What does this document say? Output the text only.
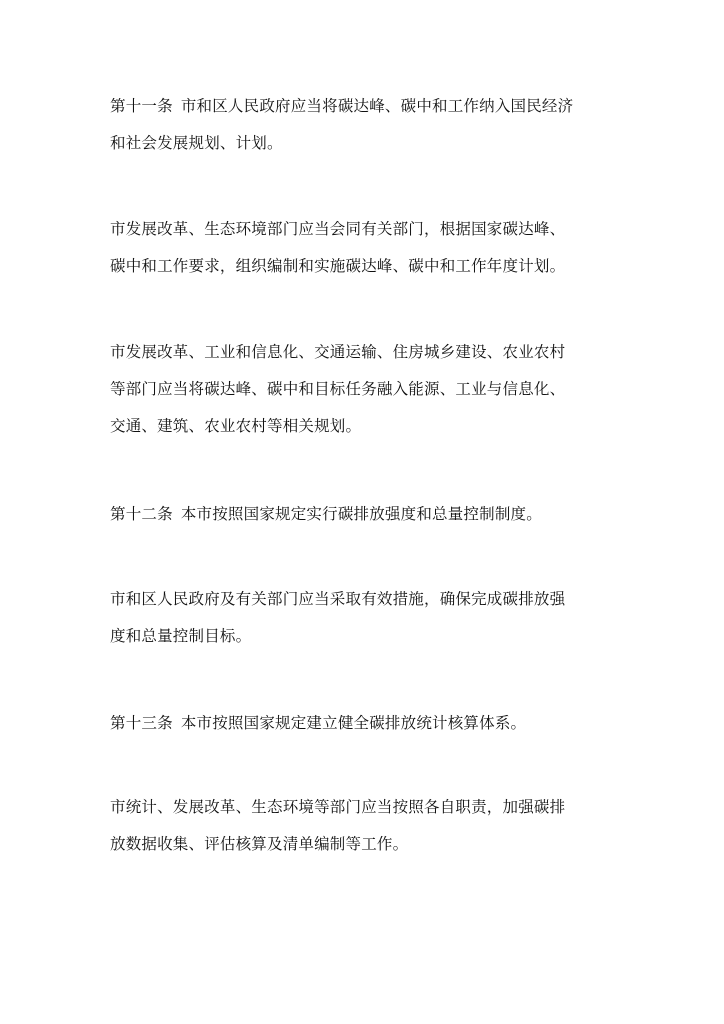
第十一条 市和区人民政府应当将碳达峰、碳中和工作纳入国民经济
和社会发展规划、计划。

市发展改革、生态环境部门应当会同有关部门，根据国家碳达峰、
碳中和工作要求，组织编制和实施碳达峰、碳中和工作年度计划。

市发展改革、工业和信息化、交通运输、住房城乡建设、农业农村
等部门应当将碳达峰、碳中和目标任务融入能源、工业与信息化、
交通、建筑、农业农村等相关规划。

第十二条 本市按照国家规定实行碳排放强度和总量控制制度。

市和区人民政府及有关部门应当采取有效措施，确保完成碳排放强
度和总量控制目标。

第十三条 本市按照国家规定建立健全碳排放统计核算体系。

市统计、发展改革、生态环境等部门应当按照各自职责，加强碳排
放数据收集、评估核算及清单编制等工作。
